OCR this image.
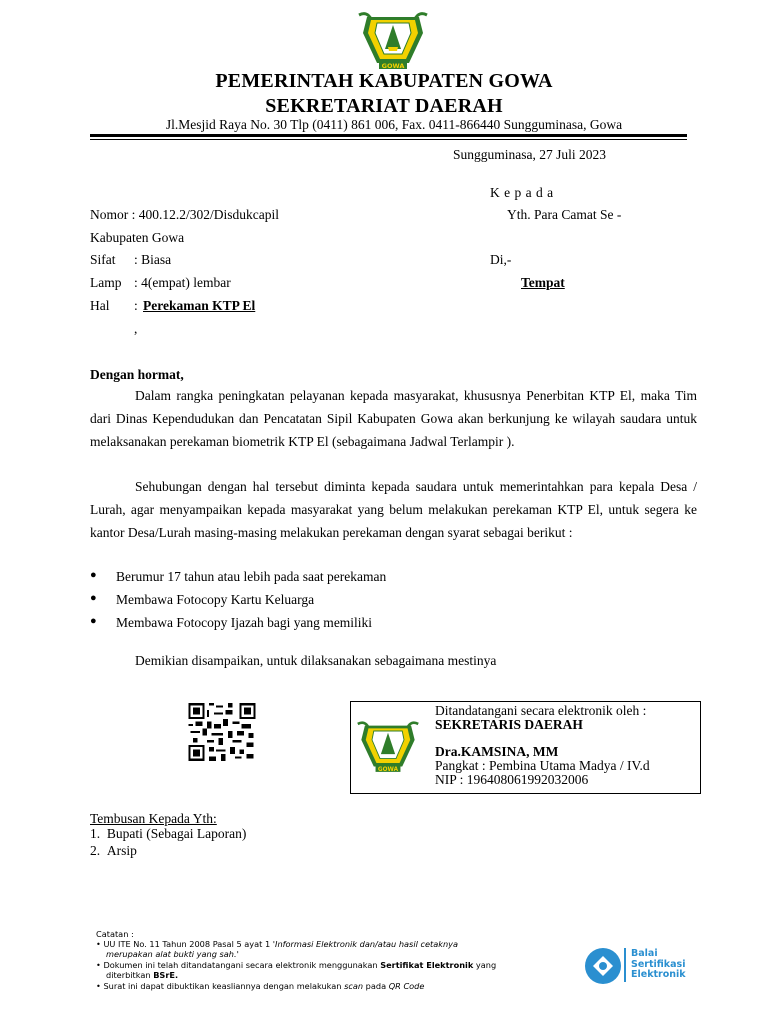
GOWA
PEMERINTAH KABUPATEN GOWA
SEKRETARIAT DAERAH
Jl.Mesjid Raya No. 30 Tlp (0411) 861 006, Fax. 0411-866440 Sungguminasa, Gowa
Sungguminasa, 27 Juli 2023
K e p a d a
Nomor : 400.12.2/302/Disdukcapil	Yth. Para Camat Se -
Kabupaten Gowa
Sifat : Biasa	Di,-
Lamp : 4(empat) lembar	Tempat
Hal : Perekaman KTP El
,
Dengan hormat,
Dalam rangka peningkatan pelayanan kepada masyarakat, khususnya Penerbitan KTP El, maka Tim dari Dinas Kependudukan dan Pencatatan Sipil Kabupaten Gowa akan berkunjung ke wilayah saudara untuk melaksanakan perekaman biometrik KTP El (sebagaimana Jadwal Terlampir ).
Sehubungan dengan hal tersebut diminta kepada saudara untuk memerintahkan para kepala Desa / Lurah, agar menyampaikan kepada masyarakat yang belum melakukan perekaman KTP El, untuk segera ke kantor Desa/Lurah masing-masing melakukan perekaman dengan syarat sebagai berikut :
● Berumur 17 tahun atau lebih pada saat perekaman
● Membawa Fotocopy Kartu Keluarga
● Membawa Fotocopy Ijazah bagi yang memiliki
Demikian disampaikan, untuk dilaksanakan sebagaimana mestinya
Ditandatangani secara elektronik oleh :
SEKRETARIS DAERAH
Dra.KAMSINA, MM
Pangkat : Pembina Utama Madya / IV.d
NIP : 196408061992032006
GOWA
Tembusan Kepada Yth:
1.  Bupati (Sebagai Laporan)
2.  Arsip
Catatan :
• UU ITE No. 11 Tahun 2008 Pasal 5 ayat 1 'Informasi Elektronik dan/atau hasil cetaknya
merupakan alat bukti yang sah.'
• Dokumen ini telah ditandatangani secara elektronik menggunakan Sertifikat Elektronik yang
diterbitkan BSrE.
• Surat ini dapat dibuktikan keasliannya dengan melakukan scan pada QR Code
Balai
Sertifikasi
Elektronik
